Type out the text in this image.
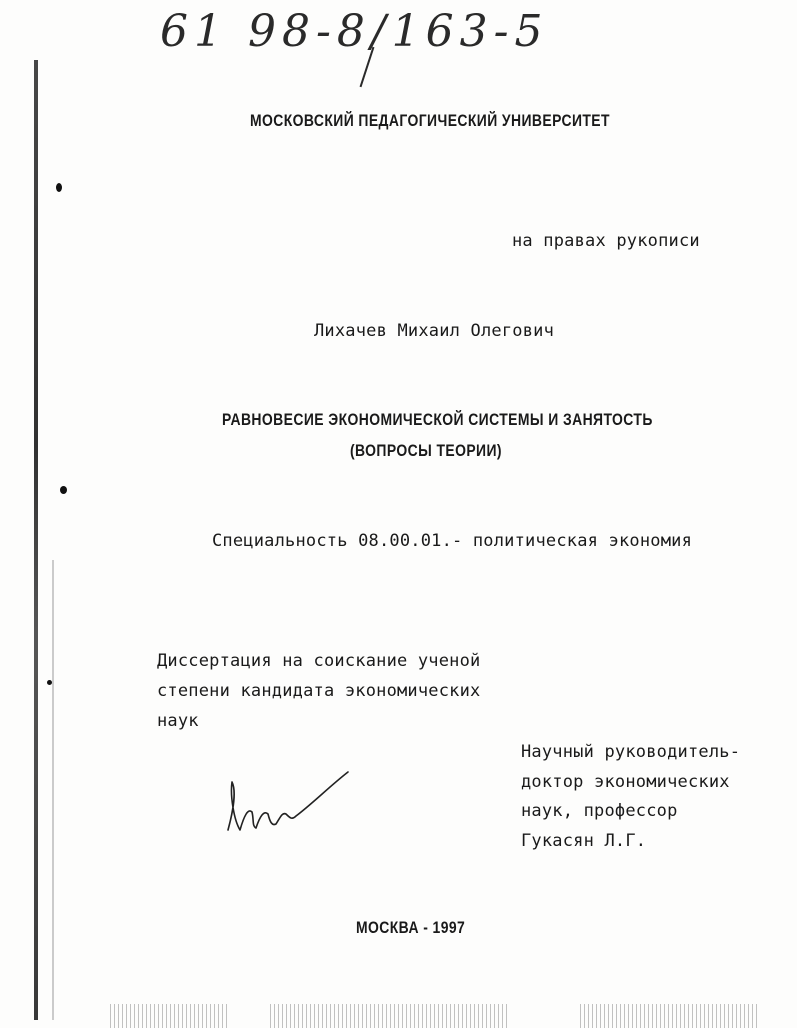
61 98-8/163-5
МОСКОВСКИЙ ПЕДАГОГИЧЕСКИЙ УНИВЕРСИТЕТ
на правах рукописи
Лихачев Михаил Олегович
РАВНОВЕСИЕ ЭКОНОМИЧЕСКОЙ СИСТЕМЫ И ЗАНЯТОСТЬ
(ВОПРОСЫ ТЕОРИИ)
Специальность 08.00.01.- политическая экономия
Диссертация на соискание ученой
степени кандидата экономических
наук
Научный руководитель-
доктор экономических
наук, профессор
Гукасян Л.Г.
МОСКВА - 1997
